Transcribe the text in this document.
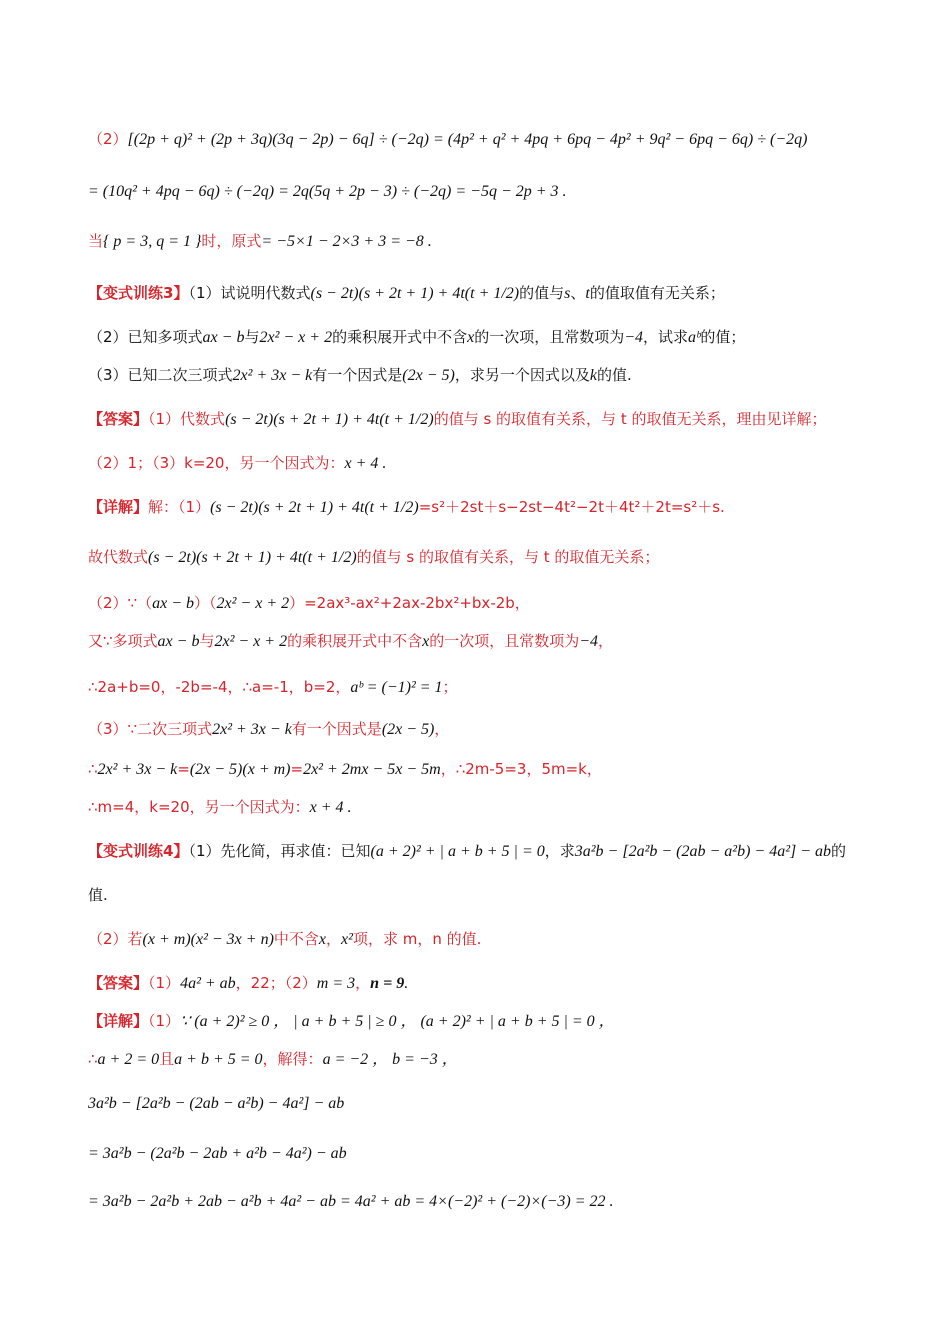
（2）[(2p + q)² + (2p + 3q)(3q − 2p) − 6q] ÷ (−2q) = (4p² + q² + 4pq + 6pq − 4p² + 9q² − 6pq − 6q) ÷ (−2q)
= (10q² + 4pq − 6q) ÷ (−2q) = 2q(5q + 2p − 3) ÷ (−2q) = −5q − 2p + 3 .
当{ p = 3, q = 1 }时，原式= −5×1 − 2×3 + 3 = −8 .
【变式训练3】（1）试说明代数式(s − 2t)(s + 2t + 1) + 4t(t + 1/2)的值与s、t的值取值有无关系；
（2）已知多项式ax − b与2x² − x + 2的乘积展开式中不含x的一次项，且常数项为−4，试求aᵇ的值；
（3）已知二次三项式2x² + 3x − k有一个因式是(2x − 5)，求另一个因式以及k的值.
【答案】（1）代数式(s − 2t)(s + 2t + 1) + 4t(t + 1/2)的值与 s 的取值有关系，与 t 的取值无关系，理由见详解；
（2）1；（3）k=20，另一个因式为：x + 4 .
【详解】解：（1）(s − 2t)(s + 2t + 1) + 4t(t + 1/2)=s²＋2st＋s−2st−4t²−2t＋4t²＋2t=s²＋s.
故代数式(s − 2t)(s + 2t + 1) + 4t(t + 1/2)的值与 s 的取值有关系，与 t 的取值无关系；
（2）∵（ax − b）（2x² − x + 2）=2ax³-ax²+2ax-2bx²+bx-2b，
又∵多项式ax − b与2x² − x + 2的乘积展开式中不含x的一次项，且常数项为−4，
∴2a+b=0，-2b=-4，∴a=-1，b=2，aᵇ = (−1)² = 1；
（3）∵二次三项式2x² + 3x − k有一个因式是(2x − 5)，
∴2x² + 3x − k=(2x − 5)(x + m)=2x² + 2mx − 5x − 5m，∴2m-5=3，5m=k，
∴m=4，k=20，另一个因式为：x + 4 .
【变式训练4】（1）先化简，再求值：已知(a + 2)² + | a + b + 5 | = 0，求3a²b − [2a²b − (2ab − a²b) − 4a²] − ab的
值.
（2）若(x + m)(x² − 3x + n)中不含x，x²项，求 m，n 的值.
【答案】（1）4a² + ab，22；（2）m = 3，n = 9.
【详解】（1）∵ (a + 2)² ≥ 0 ， | a + b + 5 | ≥ 0 ， (a + 2)² + | a + b + 5 | = 0 ，
∴a + 2 = 0且a + b + 5 = 0，解得：a = −2 ， b = −3 ，
3a²b − [2a²b − (2ab − a²b) − 4a²] − ab
= 3a²b − (2a²b − 2ab + a²b − 4a²) − ab
= 3a²b − 2a²b + 2ab − a²b + 4a² − ab = 4a² + ab = 4×(−2)² + (−2)×(−3) = 22 .
